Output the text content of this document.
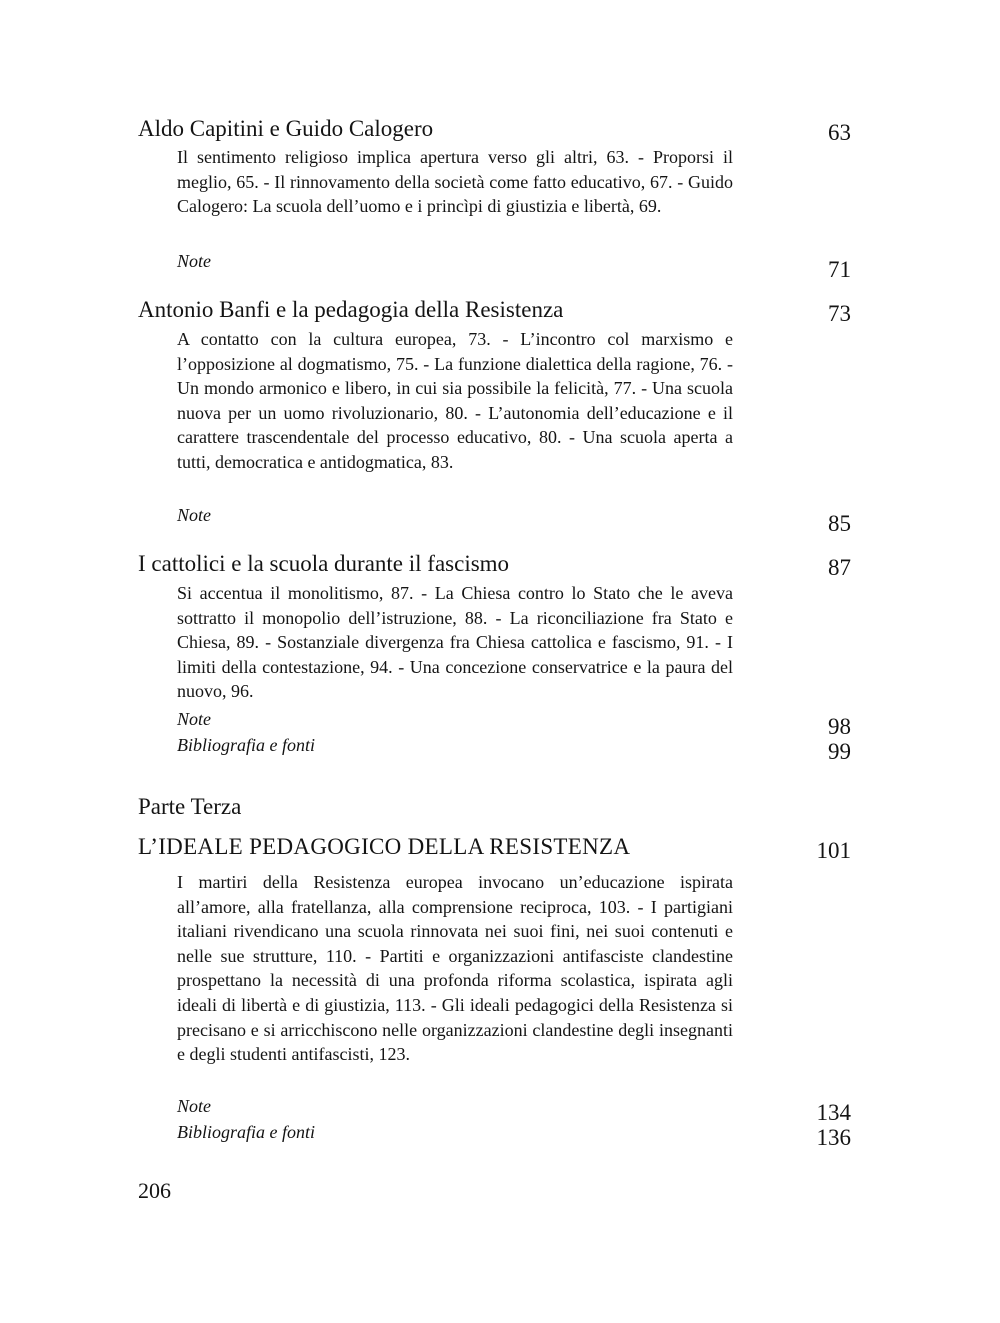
Aldo Capitini e Guido Calogero	63
Il sentimento religioso implica apertura verso gli altri, 63. - Proporsi il meglio, 65. - Il rinnovamento della società come fatto educativo, 67. - Guido Calogero: La scuola dell’uomo e i princìpi di giustizia e libertà, 69.
Note	71
Antonio Banfi e la pedagogia della Resistenza	73
A contatto con la cultura europea, 73. - L’incontro col marxismo e l’opposizione al dogmatismo, 75. - La funzione dialettica della ragione, 76. - Un mondo armonico e libero, in cui sia possibile la felicità, 77. - Una scuola nuova per un uomo rivoluzionario, 80. - L’autonomia dell’educazione e il carattere trascendentale del processo educativo, 80. - Una scuola aperta a tutti, democratica e antidogmatica, 83.
Note	85
I cattolici e la scuola durante il fascismo	87
Si accentua il monolitismo, 87. - La Chiesa contro lo Stato che le aveva sottratto il monopolio dell’istruzione, 88. - La riconciliazione fra Stato e Chiesa, 89. - Sostanziale divergenza fra Chiesa cattolica e fascismo, 91. - I limiti della contestazione, 94. - Una concezione conservatrice e la paura del nuovo, 96.
Note	98
Bibliografia e fonti	99
Parte Terza
L’IDEALE PEDAGOGICO DELLA RESISTENZA	101
I martiri della Resistenza europea invocano un’educazione ispirata all’amore, alla fratellanza, alla comprensione reciproca, 103. - I partigiani italiani rivendicano una scuola rinnovata nei suoi fini, nei suoi contenuti e nelle sue strutture, 110. - Partiti e organizzazioni antifasciste clandestine prospettano la necessità di una profonda riforma scolastica, ispirata agli ideali di libertà e di giustizia, 113. - Gli ideali pedagogici della Resistenza si precisano e si arricchiscono nelle organizzazioni clandestine degli insegnanti e degli studenti antifascisti, 123.
Note	134
Bibliografia e fonti	136
206
